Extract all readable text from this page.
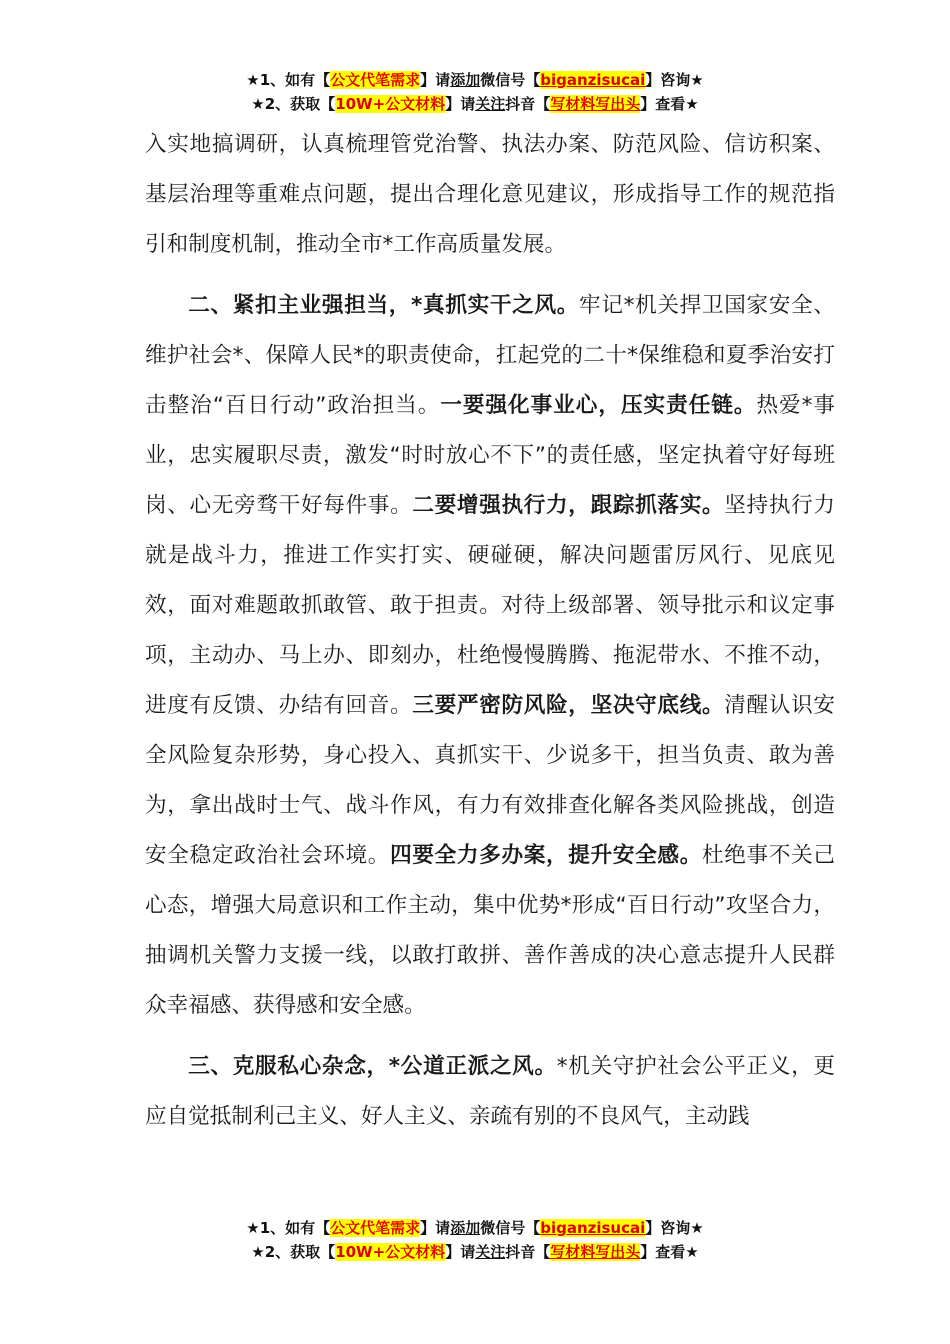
★1、如有【公文代笔需求】请添加微信号【biganzisucai】咨询★
★2、获取【10W+公文材料】请关注抖音【写材料写出头】查看★

入实地搞调研，认真梳理管党治警、执法办案、防范风险、信访积案、基层治理等重难点问题，提出合理化意见建议，形成指导工作的规范指引和制度机制，推动全市*工作高质量发展。

二、紧扣主业强担当，*真抓实干之风。牢记*机关捍卫国家安全、维护社会*、保障人民*的职责使命，扛起党的二十*保维稳和夏季治安打击整治“百日行动”政治担当。一要强化事业心，压实责任链。热爱*事业，忠实履职尽责，激发“时时放心不下”的责任感，坚定执着守好每班岗、心无旁骛干好每件事。二要增强执行力，跟踪抓落实。坚持执行力就是战斗力，推进工作实打实、硬碰硬，解决问题雷厉风行、见底见效，面对难题敢抓敢管、敢于担责。对待上级部署、领导批示和议定事项，主动办、马上办、即刻办，杜绝慢慢腾腾、拖泥带水、不推不动，进度有反馈、办结有回音。三要严密防风险，坚决守底线。清醒认识安全风险复杂形势，身心投入、真抓实干、少说多干，担当负责、敢为善为，拿出战时士气、战斗作风，有力有效排查化解各类风险挑战，创造安全稳定政治社会环境。四要全力多办案，提升安全感。杜绝事不关己心态，增强大局意识和工作主动，集中优势*形成“百日行动”攻坚合力，抽调机关警力支援一线，以敢打敢拼、善作善成的决心意志提升人民群众幸福感、获得感和安全感。

三、克服私心杂念，*公道正派之风。*机关守护社会公平正义，更应自觉抵制利己主义、好人主义、亲疏有别的不良风气，主动践

★1、如有【公文代笔需求】请添加微信号【biganzisucai】咨询★
★2、获取【10W+公文材料】请关注抖音【写材料写出头】查看★
